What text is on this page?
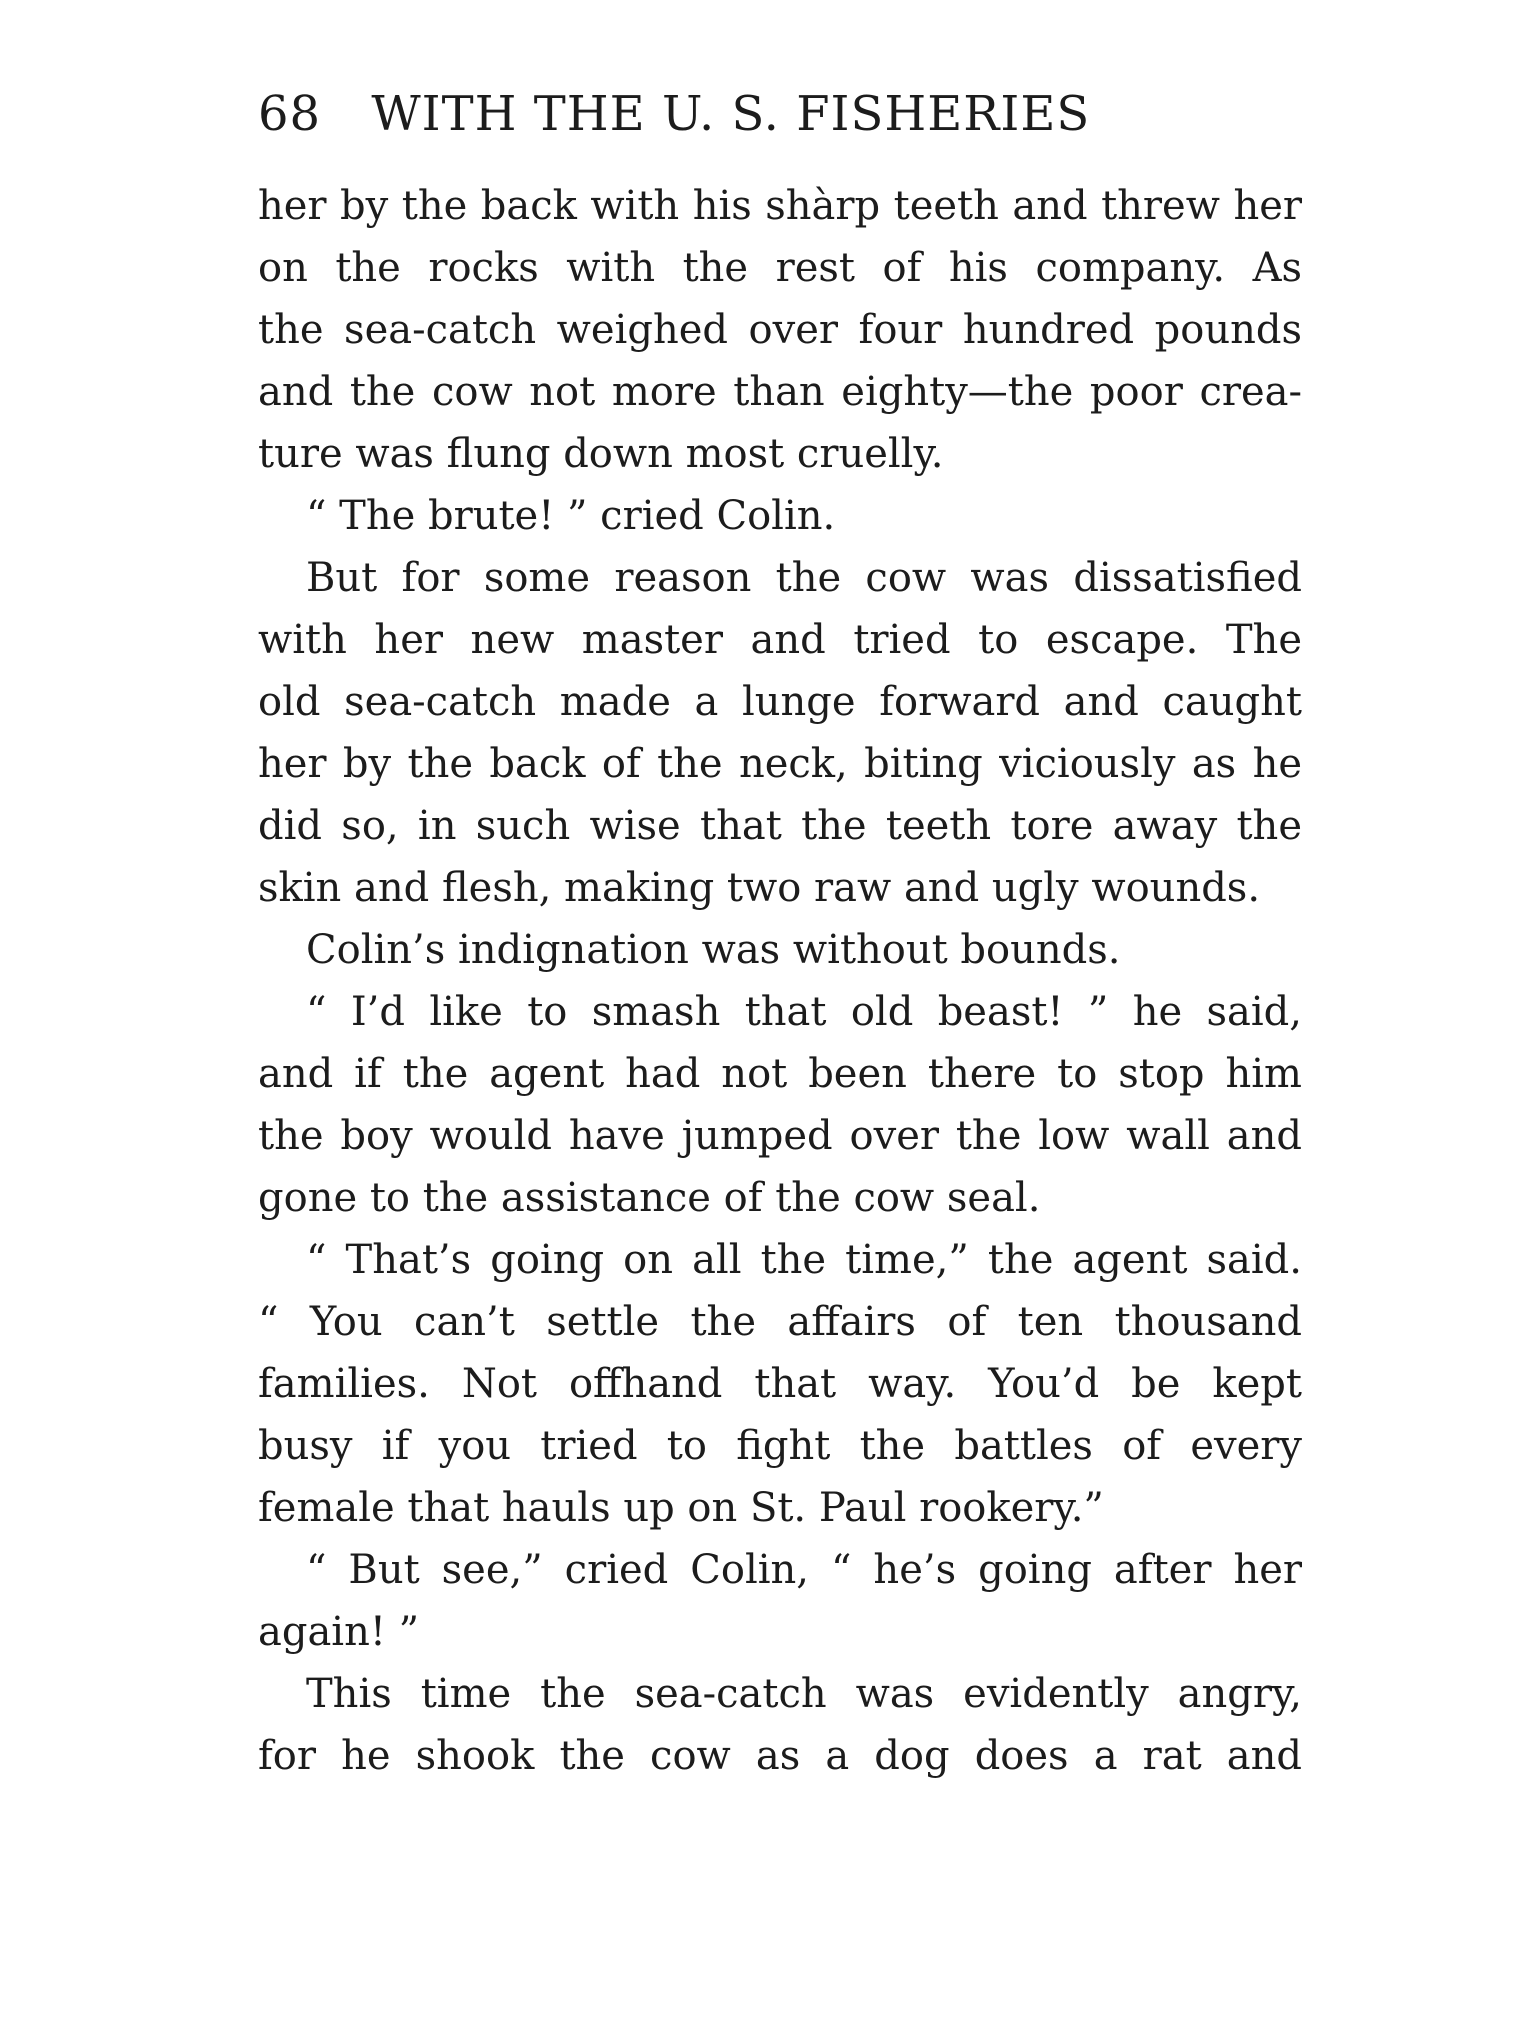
68 WITH THE U. S. FISHERIES
her by the back with his shàrp teeth and threw her
on the rocks with the rest of his company. As
the sea-catch weighed over four hundred pounds
and the cow not more than eighty—the poor crea-
ture was flung down most cruelly.
“ The brute! ” cried Colin.
But for some reason the cow was dissatisfied
with her new master and tried to escape. The
old sea-catch made a lunge forward and caught
her by the back of the neck, biting viciously as he
did so, in such wise that the teeth tore away the
skin and flesh, making two raw and ugly wounds.
Colin’s indignation was without bounds.
“ I’d like to smash that old beast! ” he said,
and if the agent had not been there to stop him
the boy would have jumped over the low wall and
gone to the assistance of the cow seal.
“ That’s going on all the time,” the agent said.
“ You can’t settle the affairs of ten thousand
families. Not offhand that way. You’d be kept
busy if you tried to fight the battles of every
female that hauls up on St. Paul rookery.”
“ But see,” cried Colin, “ he’s going after her
again! ”
This time the sea-catch was evidently angry,
for he shook the cow as a dog does a rat and
